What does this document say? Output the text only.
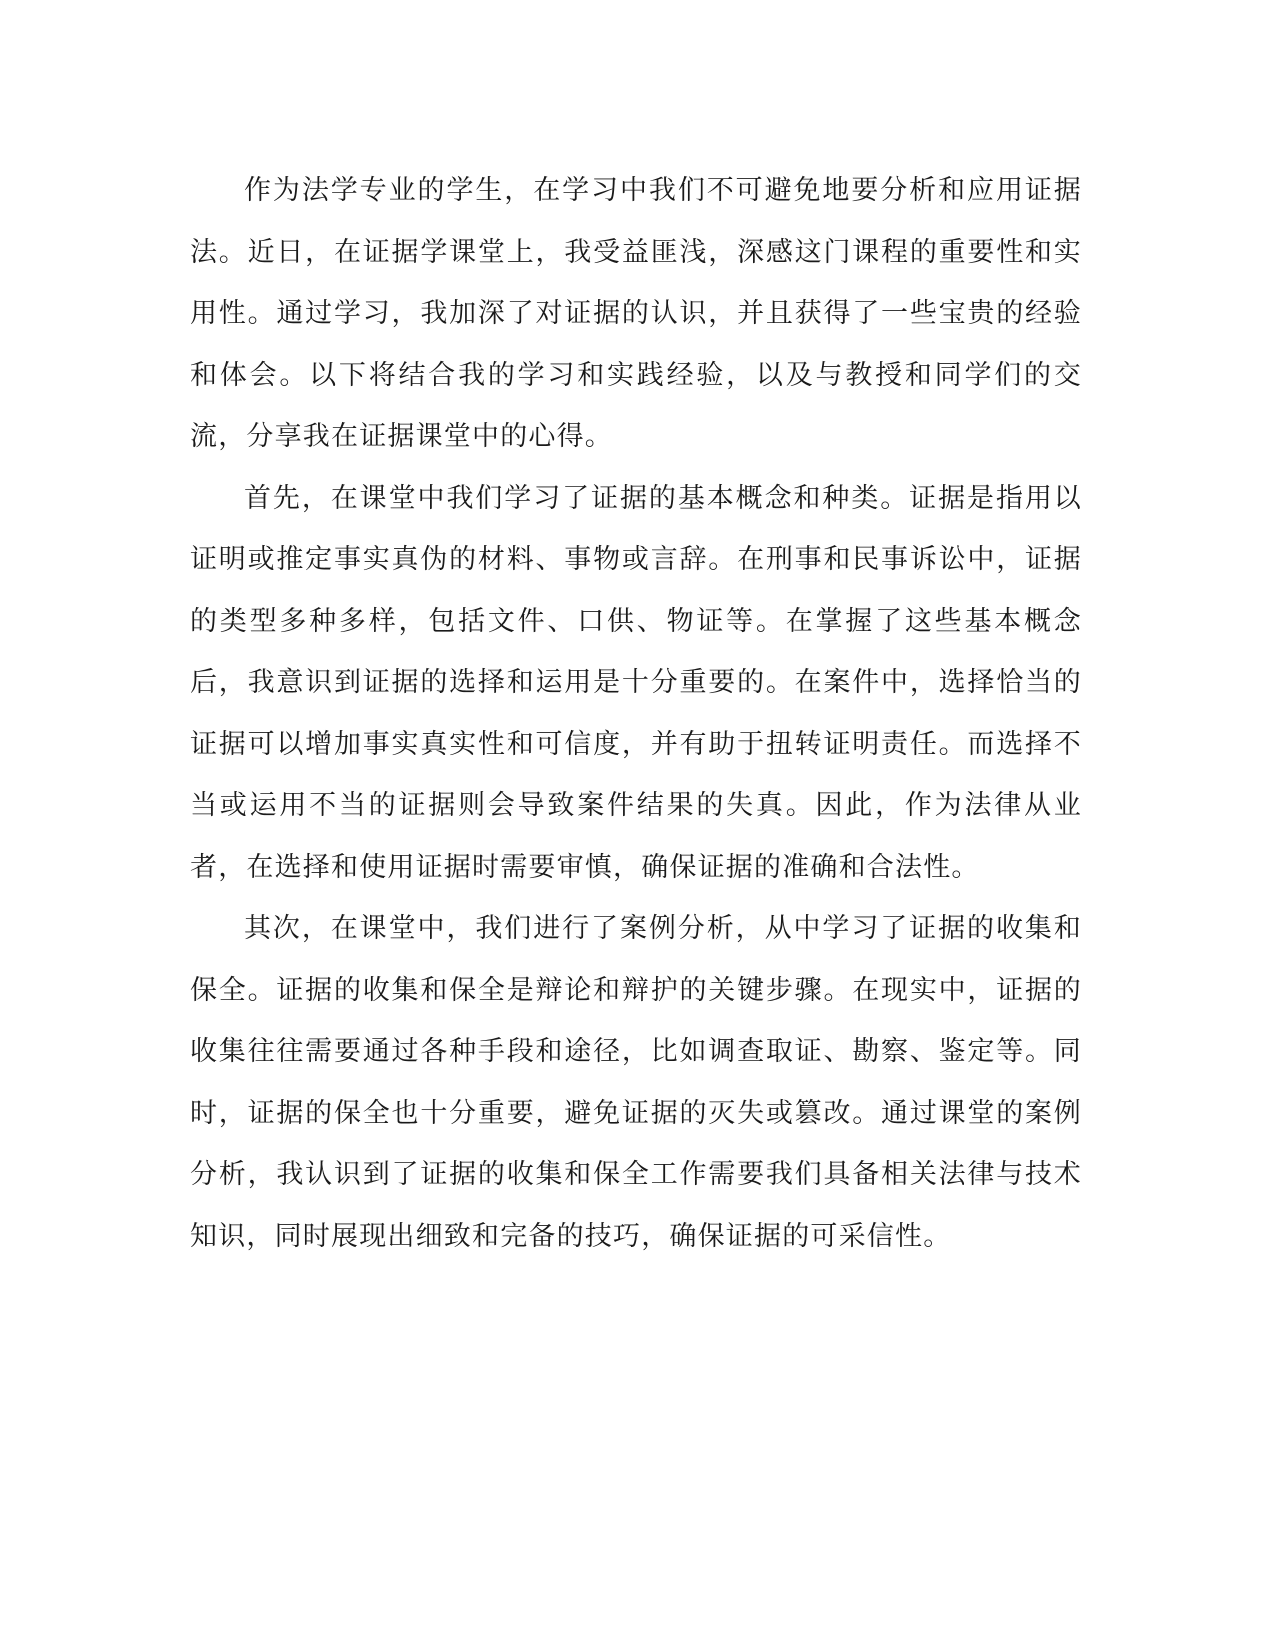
作为法学专业的学生，在学习中我们不可避免地要分析和应用证据法。近日，在证据学课堂上，我受益匪浅，深感这门课程的重要性和实用性。通过学习，我加深了对证据的认识，并且获得了一些宝贵的经验和体会。以下将结合我的学习和实践经验，以及与教授和同学们的交流，分享我在证据课堂中的心得。

首先，在课堂中我们学习了证据的基本概念和种类。证据是指用以证明或推定事实真伪的材料、事物或言辞。在刑事和民事诉讼中，证据的类型多种多样，包括文件、口供、物证等。在掌握了这些基本概念后，我意识到证据的选择和运用是十分重要的。在案件中，选择恰当的证据可以增加事实真实性和可信度，并有助于扭转证明责任。而选择不当或运用不当的证据则会导致案件结果的失真。因此，作为法律从业者，在选择和使用证据时需要审慎，确保证据的准确和合法性。

其次，在课堂中，我们进行了案例分析，从中学习了证据的收集和保全。证据的收集和保全是辩论和辩护的关键步骤。在现实中，证据的收集往往需要通过各种手段和途径，比如调查取证、勘察、鉴定等。同时，证据的保全也十分重要，避免证据的灭失或篡改。通过课堂的案例分析，我认识到了证据的收集和保全工作需要我们具备相关法律与技术知识，同时展现出细致和完备的技巧，确保证据的可采信性。
